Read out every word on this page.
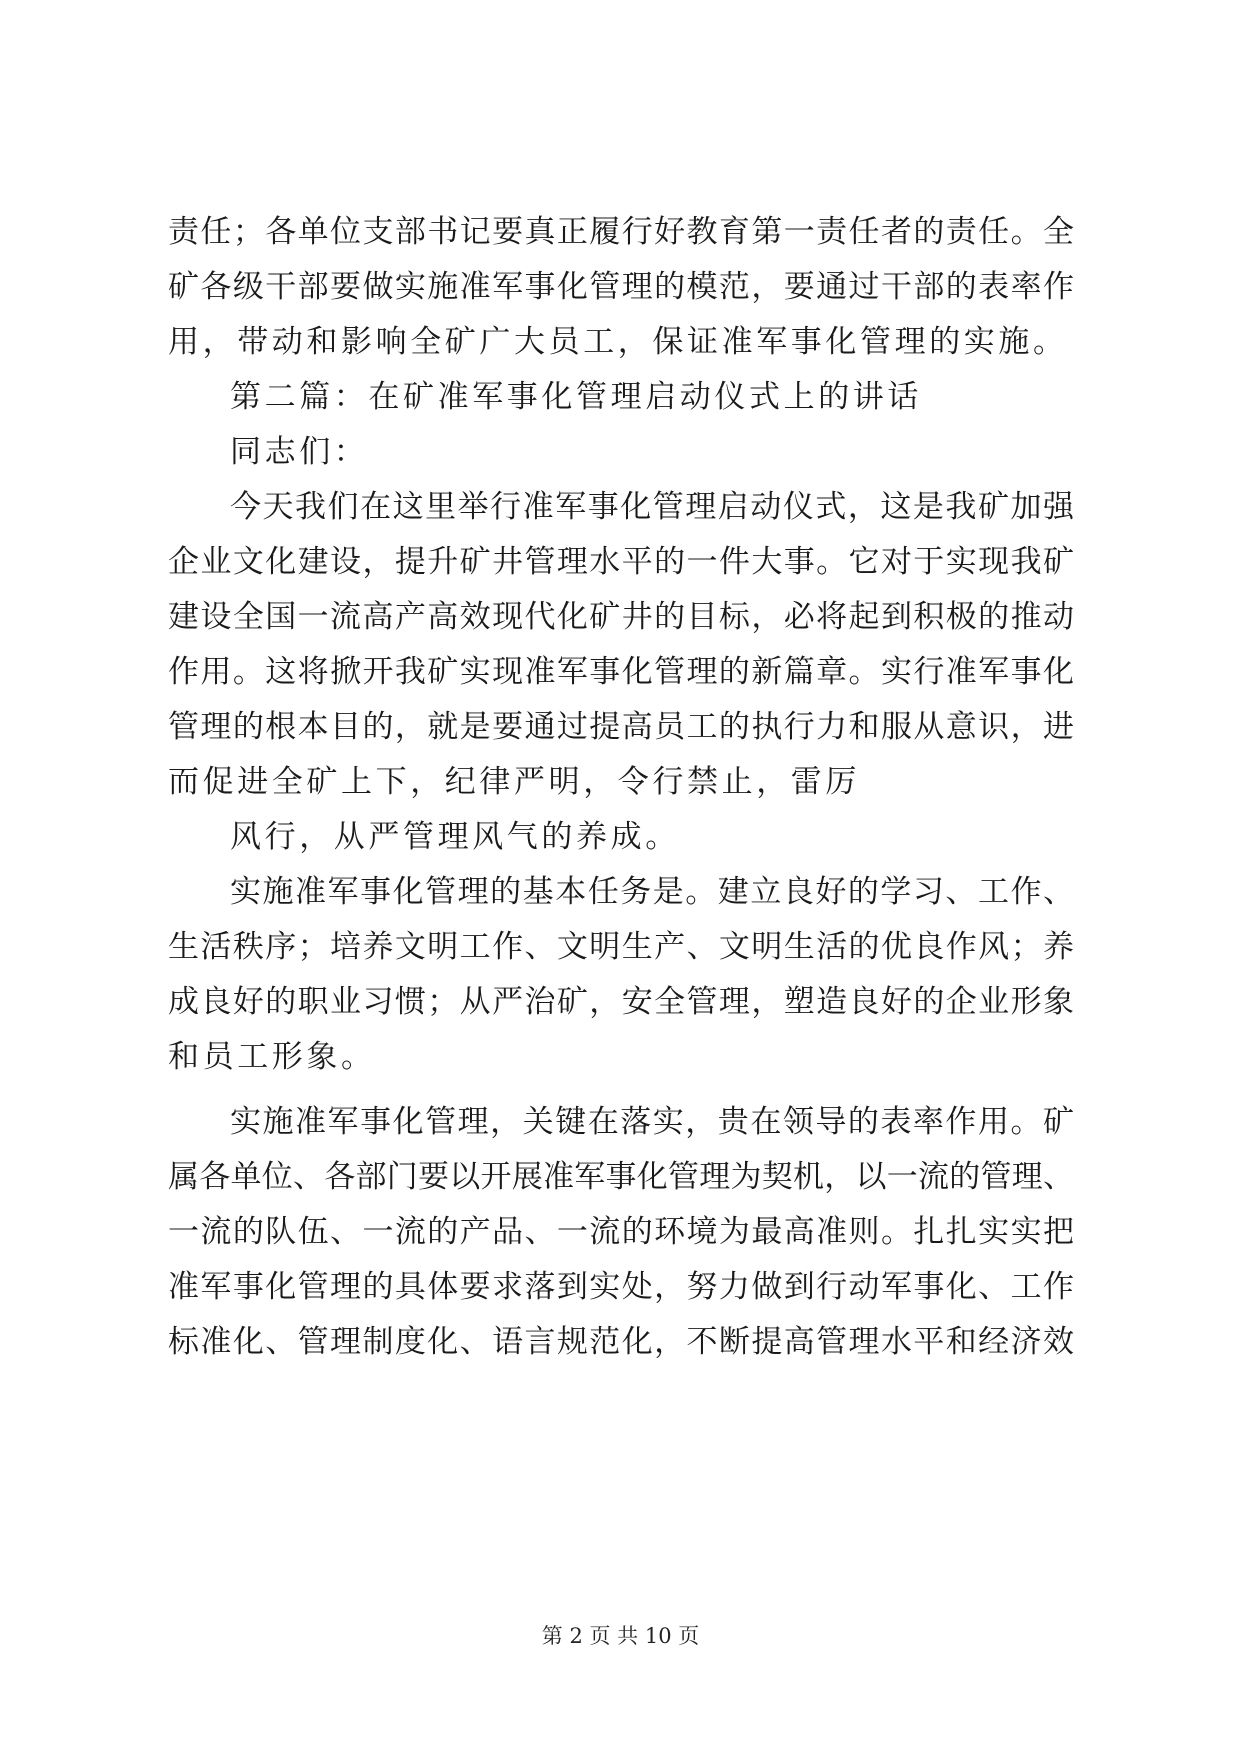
责任；各单位支部书记要真正履行好教育第一责任者的责任。全
矿各级干部要做实施准军事化管理的模范，要通过干部的表率作
用，带动和影响全矿广大员工，保证准军事化管理的实施。
第二篇：在矿准军事化管理启动仪式上的讲话
同志们：
今天我们在这里举行准军事化管理启动仪式，这是我矿加强
企业文化建设，提升矿井管理水平的一件大事。它对于实现我矿
建设全国一流高产高效现代化矿井的目标，必将起到积极的推动
作用。这将掀开我矿实现准军事化管理的新篇章。实行准军事化
管理的根本目的，就是要通过提高员工的执行力和服从意识，进
而促进全矿上下，纪律严明，令行禁止，雷厉
风行，从严管理风气的养成。
实施准军事化管理的基本任务是。建立良好的学习、工作、
生活秩序；培养文明工作、文明生产、文明生活的优良作风；养
成良好的职业习惯；从严治矿，安全管理，塑造良好的企业形象
和员工形象。
实施准军事化管理，关键在落实，贵在领导的表率作用。矿
属各单位、各部门要以开展准军事化管理为契机，以一流的管理、
一流的队伍、一流的产品、一流的环境为最高准则。扎扎实实把
准军事化管理的具体要求落到实处，努力做到行动军事化、工作
标准化、管理制度化、语言规范化，不断提高管理水平和经济效
第 2 页 共 10 页
